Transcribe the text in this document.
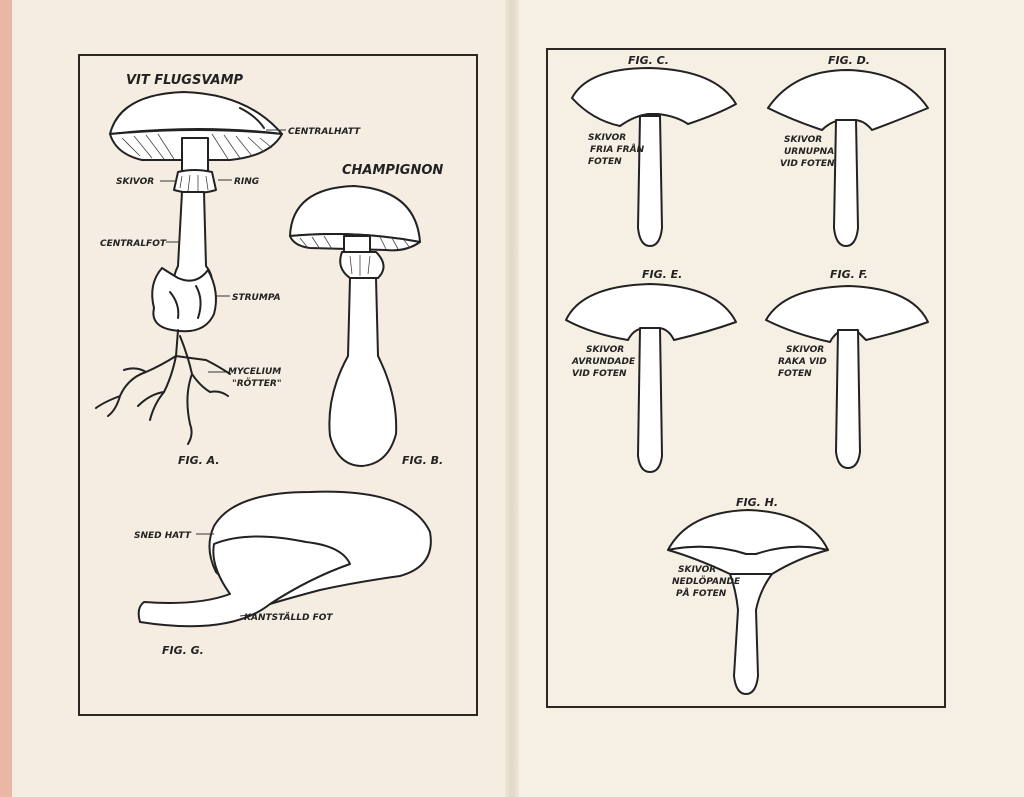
VIT FLUGSVAMP
CENTRALHATT
SKIVOR	RING
CENTRALFOT
STRUMPA
MYCELIUM
"RÖTTER"
FIG. A.
CHAMPIGNON
FIG. B.
SNED HATT
KANTSTÄLLD FOT
FIG. G.
FIG. C.
SKIVOR
FRIA FRÅN
FOTEN
FIG. D.
SKIVOR
URNUPNA
VID FOTEN
FIG. E.
SKIVOR
AVRUNDADE
VID FOTEN
FIG. F.
SKIVOR
RAKA VID
FOTEN
FIG. H.
SKIVOR
NEDLÖPANDE
PÅ FOTEN
